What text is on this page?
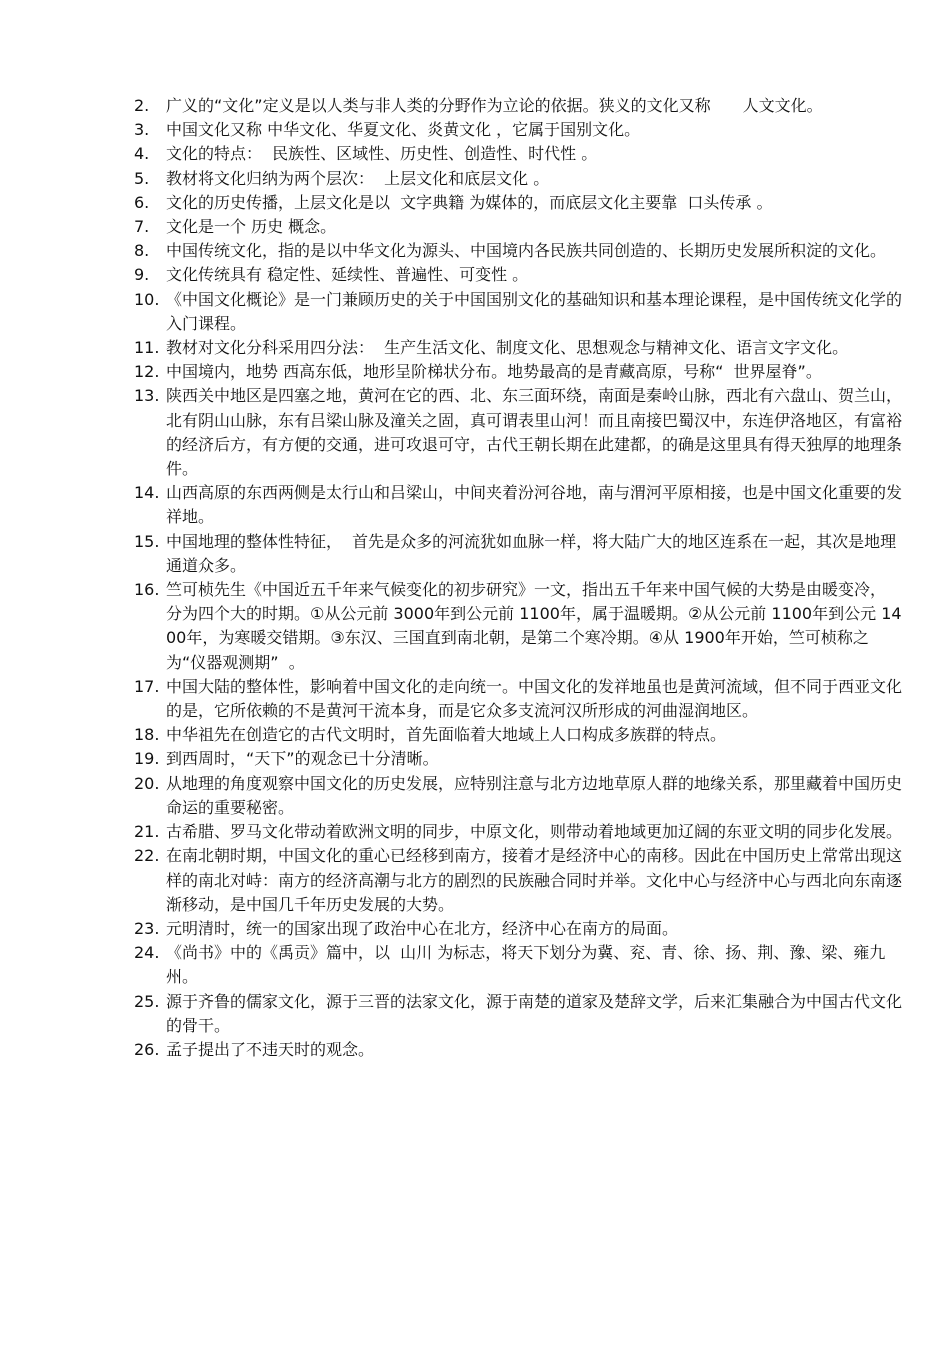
2.	广义的“文化”定义是以人类与非人类的分野作为立论的依据。狭义的文化又称　　人文文化。
3.	中国文化又称 中华文化、华夏文化、炎黄文化 ，它属于国别文化。
4.	文化的特点：  民族性、区域性、历史性、创造性、时代性 。
5.	教材将文化归纳为两个层次：  上层文化和底层文化 。
6.	文化的历史传播，上层文化是以  文字典籍 为媒体的，而底层文化主要靠  口头传承 。
7.	文化是一个 历史 概念。
8.	中国传统文化，指的是以中华文化为源头、中国境内各民族共同创造的、长期历史发展所积淀的文化。
9.	文化传统具有 稳定性、延续性、普遍性、可变性 。
10. 《中国文化概论》是一门兼顾历史的关于中国国别文化的基础知识和基本理论课程，是中国传统文化学的入门课程。
11. 教材对文化分科采用四分法：  生产生活文化、制度文化、思想观念与精神文化、语言文字文化。
12. 中国境内，地势 西高东低，地形呈阶梯状分布。地势最高的是青藏高原，号称“  世界屋脊”。
13. 陕西关中地区是四塞之地，黄河在它的西、北、东三面环绕，南面是秦岭山脉，西北有六盘山、贺兰山，北有阴山山脉，东有吕梁山脉及潼关之固，真可谓表里山河！而且南接巴蜀汉中，东连伊洛地区，有富裕的经济后方，有方便的交通，进可攻退可守，古代王朝长期在此建都，的确是这里具有得天独厚的地理条件。
14. 山西高原的东西两侧是太行山和吕梁山，中间夹着汾河谷地，南与渭河平原相接，也是中国文化重要的发祥地。
15. 中国地理的整体性特征，  首先是众多的河流犹如血脉一样，将大陆广大的地区连系在一起，其次是地理通道众多。
16. 竺可桢先生《中国近五千年来气候变化的初步研究》一文，指出五千年来中国气候的大势是由暖变冷，  分为四个大的时期。①从公元前 3000年到公元前 1100年，属于温暖期。②从公元前 1100年到公元 1400年，为寒暖交错期。③东汉、三国直到南北朝，是第二个寒冷期。④从 1900年开始，竺可桢称之为“仪器观测期”  。
17. 中国大陆的整体性，影响着中国文化的走向统一。中国文化的发祥地虽也是黄河流域，但不同于西亚文化的是，它所依赖的不是黄河干流本身，而是它众多支流河汉所形成的河曲湿润地区。
18. 中华祖先在创造它的古代文明时，首先面临着大地域上人口构成多族群的特点。
19. 到西周时，“天下”的观念已十分清晰。
20. 从地理的角度观察中国文化的历史发展，应特别注意与北方边地草原人群的地缘关系，那里藏着中国历史命运的重要秘密。
21. 古希腊、罗马文化带动着欧洲文明的同步，中原文化，则带动着地域更加辽阔的东亚文明的同步化发展。
22. 在南北朝时期，中国文化的重心已经移到南方，接着才是经济中心的南移。因此在中国历史上常常出现这样的南北对峙：南方的经济高潮与北方的剧烈的民族融合同时并举。文化中心与经济中心与西北向东南逐渐移动，是中国几千年历史发展的大势。
23. 元明清时，统一的国家出现了政治中心在北方，经济中心在南方的局面。
24. 《尚书》中的《禹贡》篇中，以  山川 为标志，将天下划分为冀、兖、青、徐、扬、荆、豫、梁、雍九州。
25. 源于齐鲁的儒家文化，源于三晋的法家文化，源于南楚的道家及楚辞文学，后来汇集融合为中国古代文化的骨干。
26. 孟子提出了不违天时的观念。
